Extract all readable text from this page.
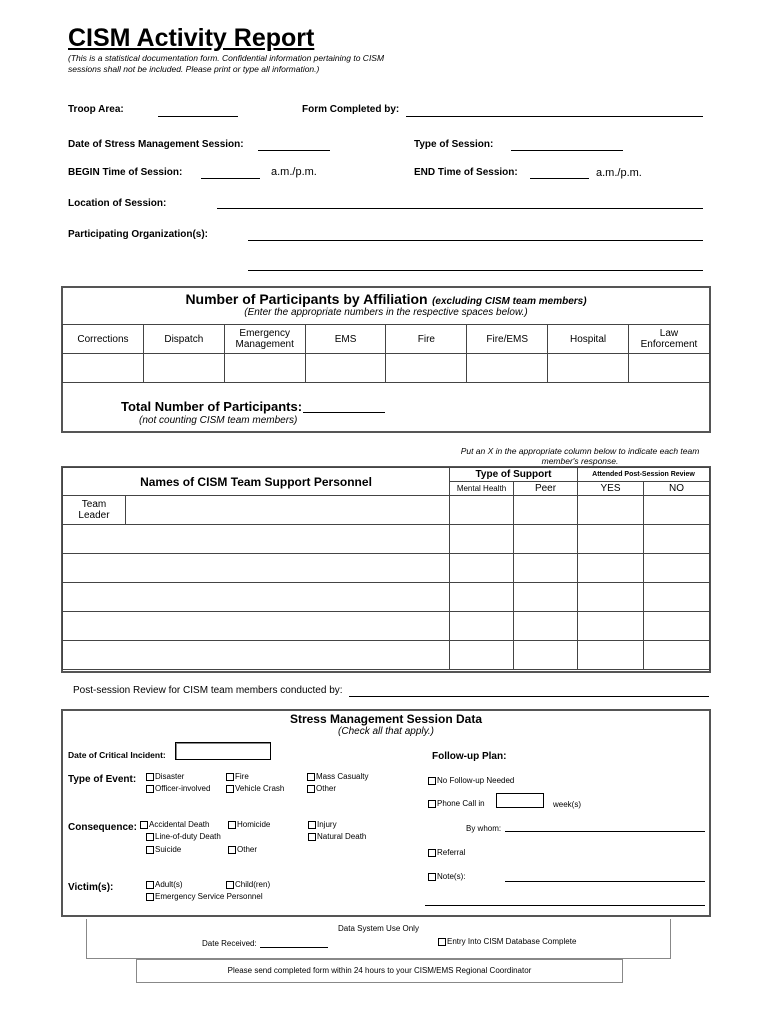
CISM Activity Report
(This is a statistical documentation form. Confidential information pertaining to CISM sessions shall not be included. Please print or type all information.)
Troop Area:	Form Completed by:
Date of Stress Management Session:	Type of Session:
BEGIN Time of Session:	a.m./p.m.	END Time of Session:	a.m./p.m.
Location of Session:
Participating Organization(s):
Number of Participants by Affiliation (excluding CISM team members)
(Enter the appropriate numbers in the respective spaces below.)
Corrections	Dispatch	Emergency Management	EMS	Fire	Fire/EMS	Hospital	Law Enforcement

Total Number of Participants:
(not counting CISM team members)
Put an X in the appropriate column below to indicate each team member's response.
Names of CISM Team Support Personnel		Type of Support		Attended Post-Session Review	
		Mental Health	Peer	YES	NO

Team Leader					

Post-session Review for CISM team members conducted by:
Stress Management Session Data
(Check all that apply.)
Date of Critical Incident:
Type of Event:	Disaster	Fire	Mass Casualty
Officer-involved	Vehicle Crash	Other
Consequence:	Accidental Death	Homicide	Injury
Line-of-duty Death	Natural Death
Suicide	Other
Victim(s):	Adult(s)	Child(ren)
Emergency Service Personnel
Follow-up Plan:
No Follow-up Needed
Phone Call in	week(s)
By whom:
Referral
Note(s):
Data System Use Only
Date Received:	Entry Into CISM Database Complete
Please send completed form within 24 hours to your CISM/EMS Regional Coordinator
